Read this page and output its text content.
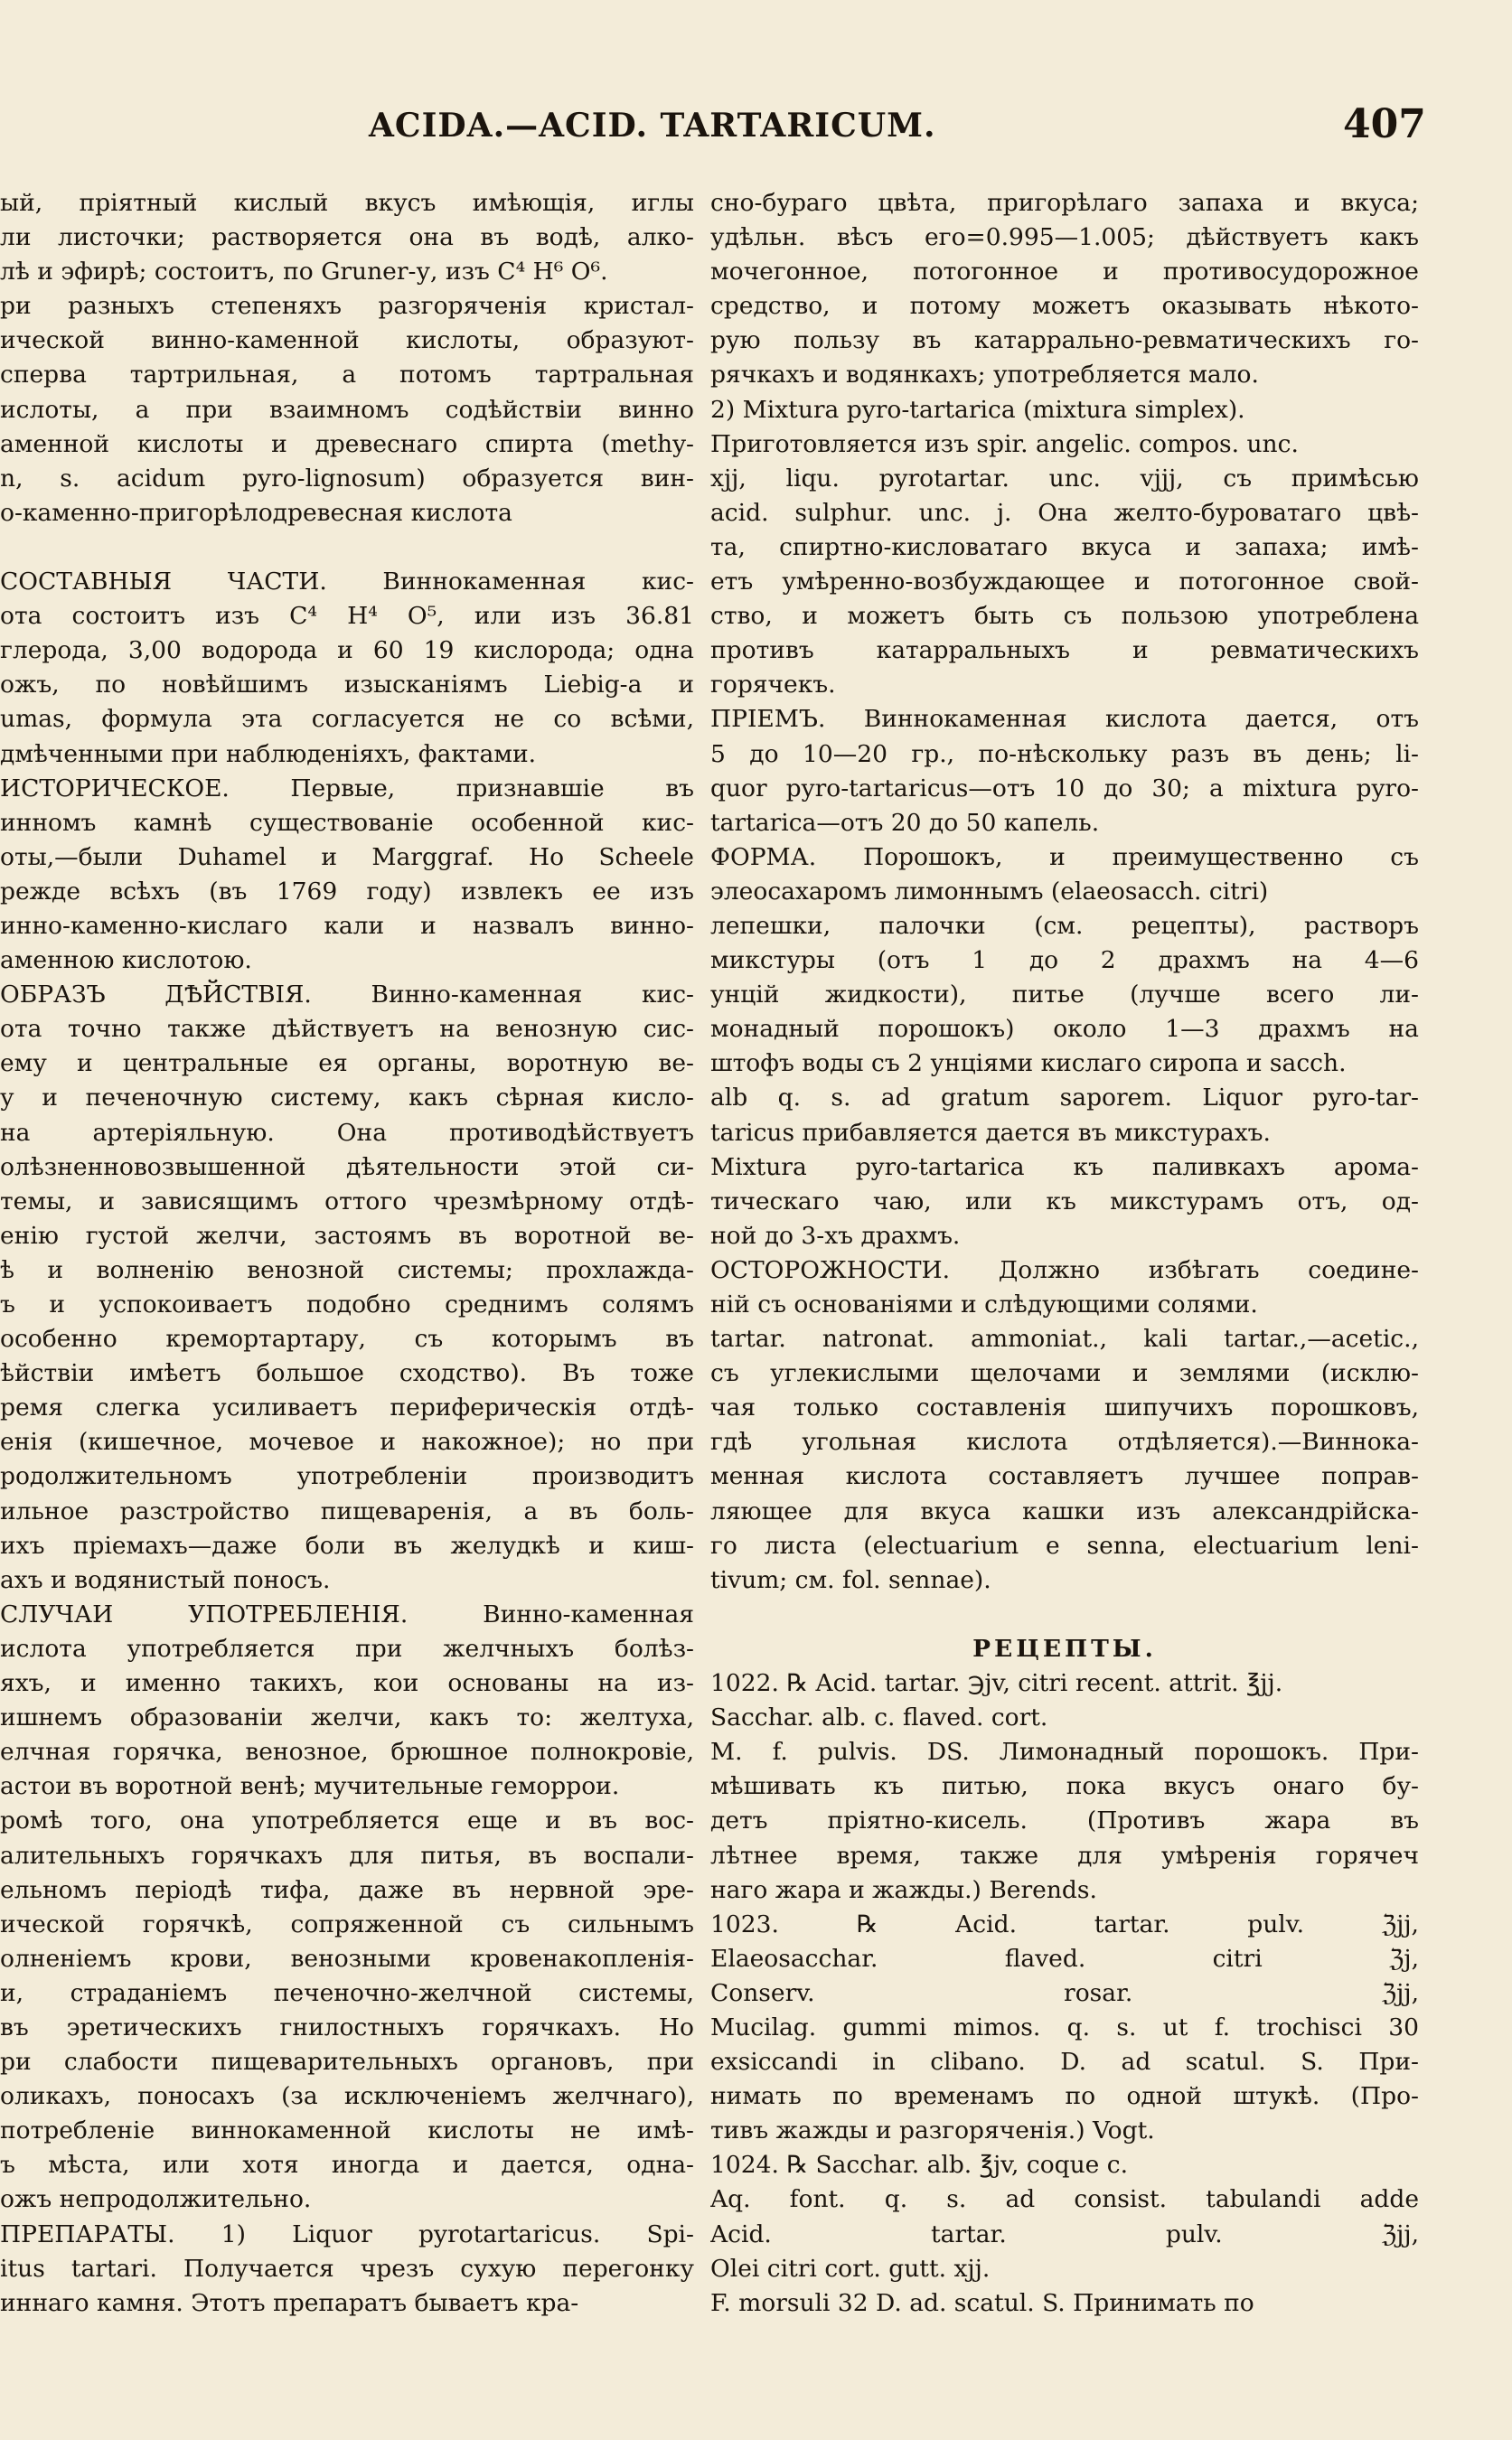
ACIDA.—ACID. TARTARICUM.	407
ый, пріятный кислый вкусъ имѣющія, иглы
ли листочки; растворяется она въ водѣ, алко-
лѣ и эфирѣ; состоитъ, по Gruner-у, изъ C⁴ H⁶ O⁶.
ри разныхъ степеняхъ разгоряченія кристал-
ической винно-каменной кислоты, образуют-
сперва тартрильная, а потомъ тартральная
ислоты, а при взаимномъ содѣйствіи винно
аменной кислоты и древеснаго спирта (methy-
n, s. acidum pyro-lignosum) образуется вин-
о-каменно-пригорѣлодревесная кислота
СОСТАВНЫЯ ЧАСТИ. Виннокаменная кис-
ота состоитъ изъ C⁴ H⁴ O⁵, или изъ 36.81
глерода, 3,00 водорода и 60 19 кислорода; одна
ожъ, по новѣйшимъ изысканіямъ Liebig-а и
umas, формула эта согласуется не со всѣми,
дмѣченными при наблюденіяхъ, фактами.
ИСТОРИЧЕСКОЕ. Первые, признавшіе въ
инномъ камнѣ существованіе особенной кис-
оты,—были Duhamel и Marggraf. Но Scheele
режде всѣхъ (въ 1769 году) извлекъ ее изъ
инно-каменно-кислаго кали и назвалъ винно-
аменною кислотою.
ОБРАЗЪ ДѢЙСТВІЯ. Винно-каменная кис-
ота точно также дѣйствуетъ на венозную сис-
ему и центральные ея органы, воротную ве-
у и печеночную систему, какъ сѣрная кисло-
на артеріяльную. Она противодѣйствуетъ
олѣзненновозвышенной дѣятельности этой си-
темы, и зависящимъ оттого чрезмѣрному отдѣ-
енію густой желчи, застоямъ въ воротной ве-
ѣ и волненію венозной системы; прохлажда-
ъ и успокоиваетъ подобно среднимъ солямъ
особенно кремортартару, съ которымъ въ
ѣйствіи имѣетъ большое сходство). Въ тоже
ремя слегка усиливаетъ периферическія отдѣ-
енія (кишечное, мочевое и накожное); но при
родолжительномъ употребленіи производитъ
ильное разстройство пищеваренія, а въ боль-
ихъ пріемахъ—даже боли въ желудкѣ и киш-
ахъ и водянистый поносъ.
СЛУЧАИ УПОТРЕБЛЕНІЯ. Винно-каменная
ислота употребляется при желчныхъ болѣз-
яхъ, и именно такихъ, кои основаны на из-
ишнемъ образованіи желчи, какъ то: желтуха,
елчная горячка, венозное, брюшное полнокровіе,
астои въ воротной венѣ; мучительные геморрои.
ромѣ того, она употребляется еще и въ вос-
алительныхъ горячкахъ для питья, въ воспали-
ельномъ періодѣ тифа, даже въ нервной эре-
ической горячкѣ, сопряженной съ сильнымъ
олненіемъ крови, венозными кровенакопленія-
и, страданіемъ печеночно-желчной системы,
въ эретическихъ гнилостныхъ горячкахъ. Но
ри слабости пищеварительныхъ органовъ, при
оликахъ, поносахъ (за исключеніемъ желчнаго),
потребленіе виннокаменной кислоты не имѣ-
ъ мѣста, или хотя иногда и дается, одна-
ожъ непродолжительно.
ПРЕПАРАТЫ. 1) Liquor pyrotartaricus. Spi-
itus tartari. Получается чрезъ сухую перегонку
иннаго камня. Этотъ препаратъ бываетъ кра-
сно-бураго цвѣта, пригорѣлаго запаха и вкуса;
удѣльн. вѣсъ его=0.995—1.005; дѣйствуетъ какъ
мочегонное, потогонное и противосудорожное
средство, и потому можетъ оказывать нѣкото-
рую пользу въ катаррально-ревматическихъ го-
рячкахъ и водянкахъ; употребляется мало.
2) Mixtura pyro-tartarica (mixtura simplex).
Приготовляется изъ spir. angelic. compos. unc.
xjj, liqu. pyrotartar. unc. vjjj, съ примѣсью
acid. sulphur. unc. j. Она желто-буроватаго цвѣ-
та, спиртно-кисловатаго вкуса и запаха; имѣ-
етъ умѣренно-возбуждающее и потогонное свой-
ство, и можетъ быть съ пользою употреблена
противъ катарральныхъ и ревматическихъ
горячекъ.
ПРІЕМЪ. Виннокаменная кислота дается, отъ
5 до 10—20 гр., по-нѣскольку разъ въ день; li-
quor pyro-tartaricus—отъ 10 до 30; а mixtura pyro-
tartarica—отъ 20 до 50 капель.
ФОРМА. Порошокъ, и преимущественно съ
элеосахаромъ лимоннымъ (elaeosacch. citri)
лепешки, палочки (см. рецепты), растворъ
микстуры (отъ 1 до 2 драхмъ на 4—6
унцій жидкости), питье (лучше всего ли-
монадный порошокъ) около 1—3 драхмъ на
штофъ воды съ 2 унціями кислаго сиропа и sacch.
alb q. s. ad gratum saporem. Liquor pyro-tar-
taricus прибавляется дается въ микстурахъ.
Mixtura pyro-tartarica къ паливкахъ арома-
тическаго чаю, или къ микстурамъ отъ, од-
ной до 3-хъ драхмъ.
ОСТОРОЖНОСТИ. Должно избѣгать соедине-
ній съ основаніями и слѣдующими солями.
tartar. natronat. ammoniat., kali tartar.,—acetic.,
съ углекислыми щелочами и землями (исклю-
чая только составленія шипучихъ порошковъ,
гдѣ угольная кислота отдѣляется).—Виннока-
менная кислота составляетъ лучшее поправ-
ляющее для вкуса кашки изъ александрійска-
го листа (electuarium e senna, electuarium leni-
tivum; см. fol. sennae).
РЕЦЕПТЫ.
1022. ℞ Acid. tartar. ℈jv, citri recent. attrit. ℥jj.
Sacchar. alb. c. flaved. cort.
M. f. pulvis. DS. Лимонадный порошокъ. При-
мѣшивать къ питью, пока вкусъ онаго бу-
детъ пріятно-кисель. (Противъ жара въ
лѣтнее время, также для умѣренія горячеч
наго жара и жажды.) Berends.
1023. ℞ Acid. tartar. pulv. ℨjj,
Elaeosacchar. flaved. citri ℨj,
Conserv. rosar. ℨjj,
Mucilag. gummi mimos. q. s. ut f. trochisci 30
exsiccandi in clibano. D. ad scatul. S. При-
нимать по временамъ по одной штукѣ. (Про-
тивъ жажды и разгоряченія.) Vogt.
1024. ℞ Sacchar. alb. ℥jv, coque c.
Aq. font. q. s. ad consist. tabulandi adde
Acid. tartar. pulv. ℨjj,
Olei citri cort. gutt. xjj.
F. morsuli 32 D. ad. scatul. S. Принимать по
